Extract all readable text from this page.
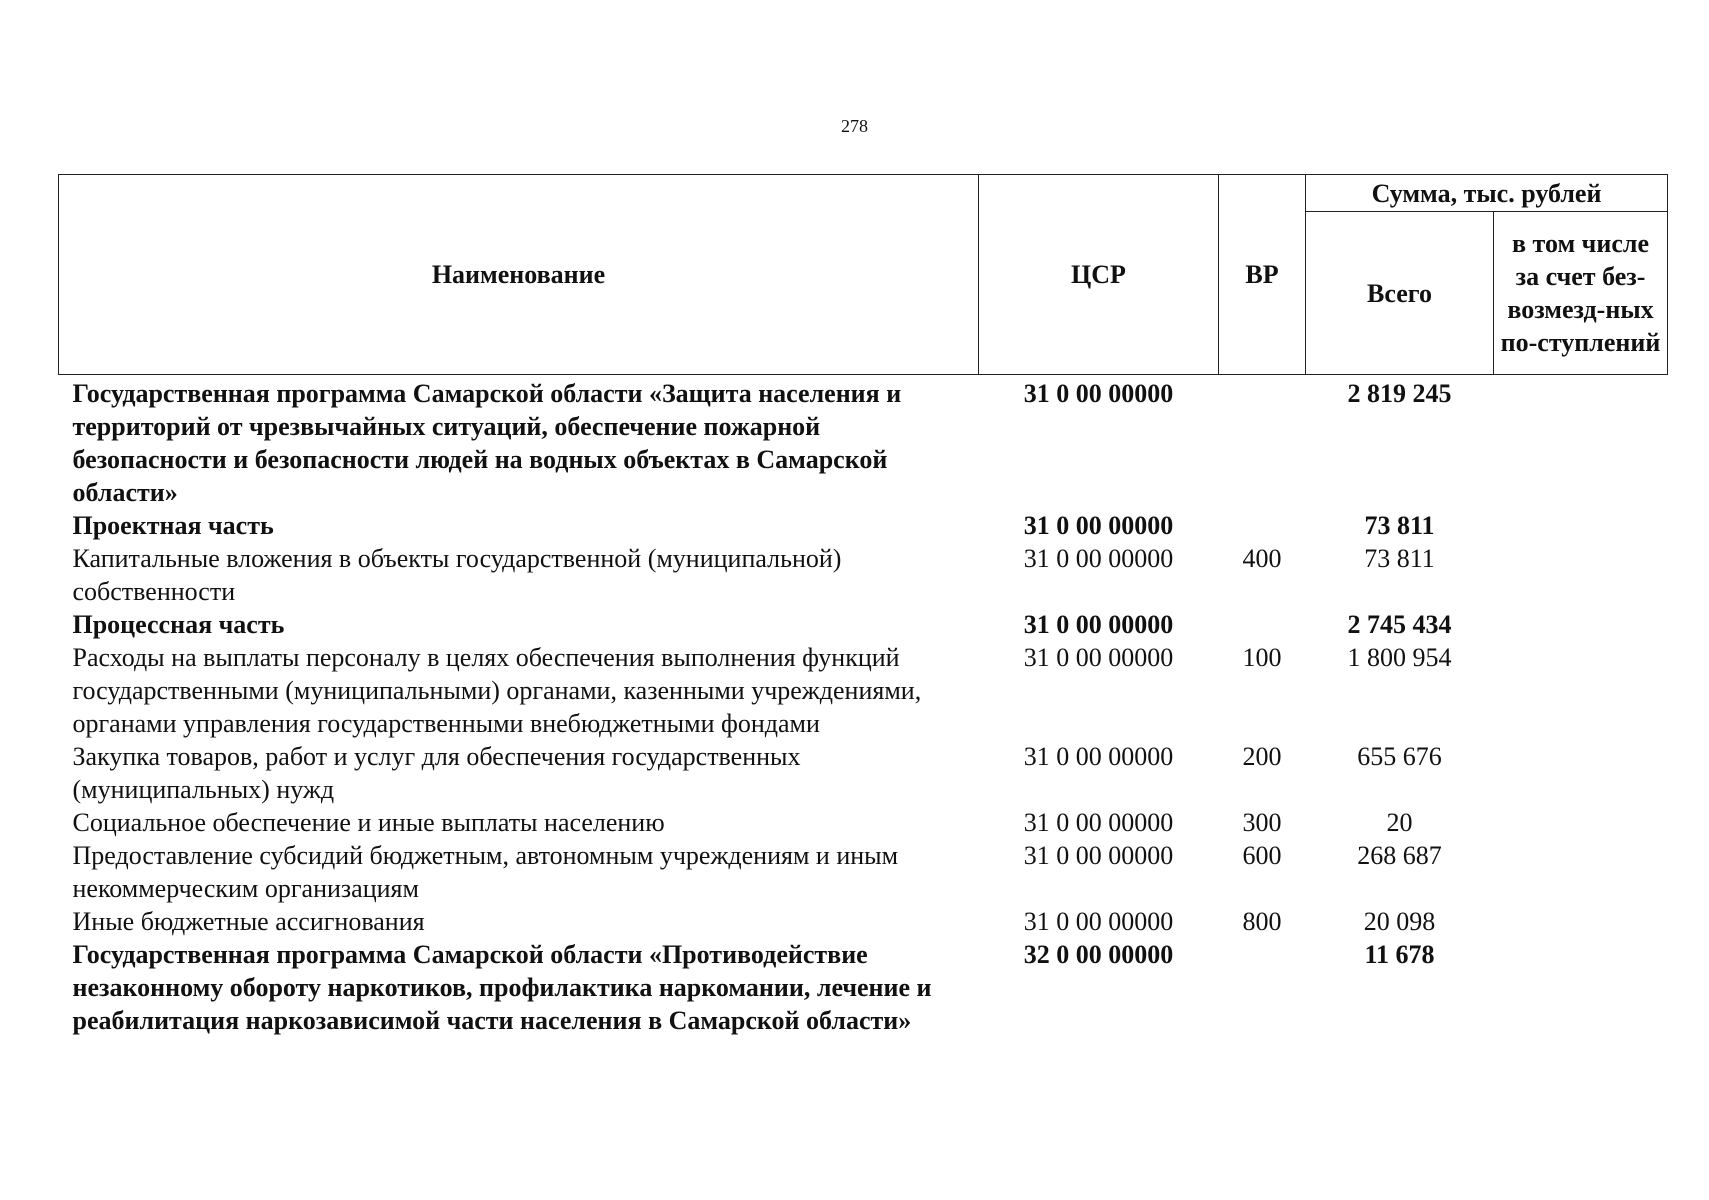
278
Наименование	ЦСР	ВР	Сумма, тыс. рублей	
			Всего	в том числе за счет без-возмезд-ных по-ступлений
Государственная программа Самарской области «Защита населения и территорий от чрезвычайных ситуаций, обеспечение пожарной безопасности и безопасности людей на водных объектах в Самарской области»	31 0 00 00000		2 819 245	
Проектная часть	31 0 00 00000		73 811	
Капитальные вложения в объекты государственной (муниципальной) собственности	31 0 00 00000	400	73 811	
Процессная часть	31 0 00 00000		2 745 434	
Расходы на выплаты персоналу в целях обеспечения выполнения функций государственными (муниципальными) органами, казенными учреждениями, органами управления государственными внебюджетными фондами	31 0 00 00000	100	1 800 954	
Закупка товаров, работ и услуг для обеспечения государственных (муниципальных) нужд	31 0 00 00000	200	655 676	
Социальное обеспечение и иные выплаты населению	31 0 00 00000	300	20	
Предоставление субсидий бюджетным, автономным учреждениям и иным некоммерческим организациям	31 0 00 00000	600	268 687	
Иные бюджетные ассигнования	31 0 00 00000	800	20 098	
Государственная программа Самарской области «Противодействие незаконному обороту наркотиков, профилактика наркомании, лечение и реабилитация наркозависимой части населения в Самарской области»	32 0 00 00000		11 678	
